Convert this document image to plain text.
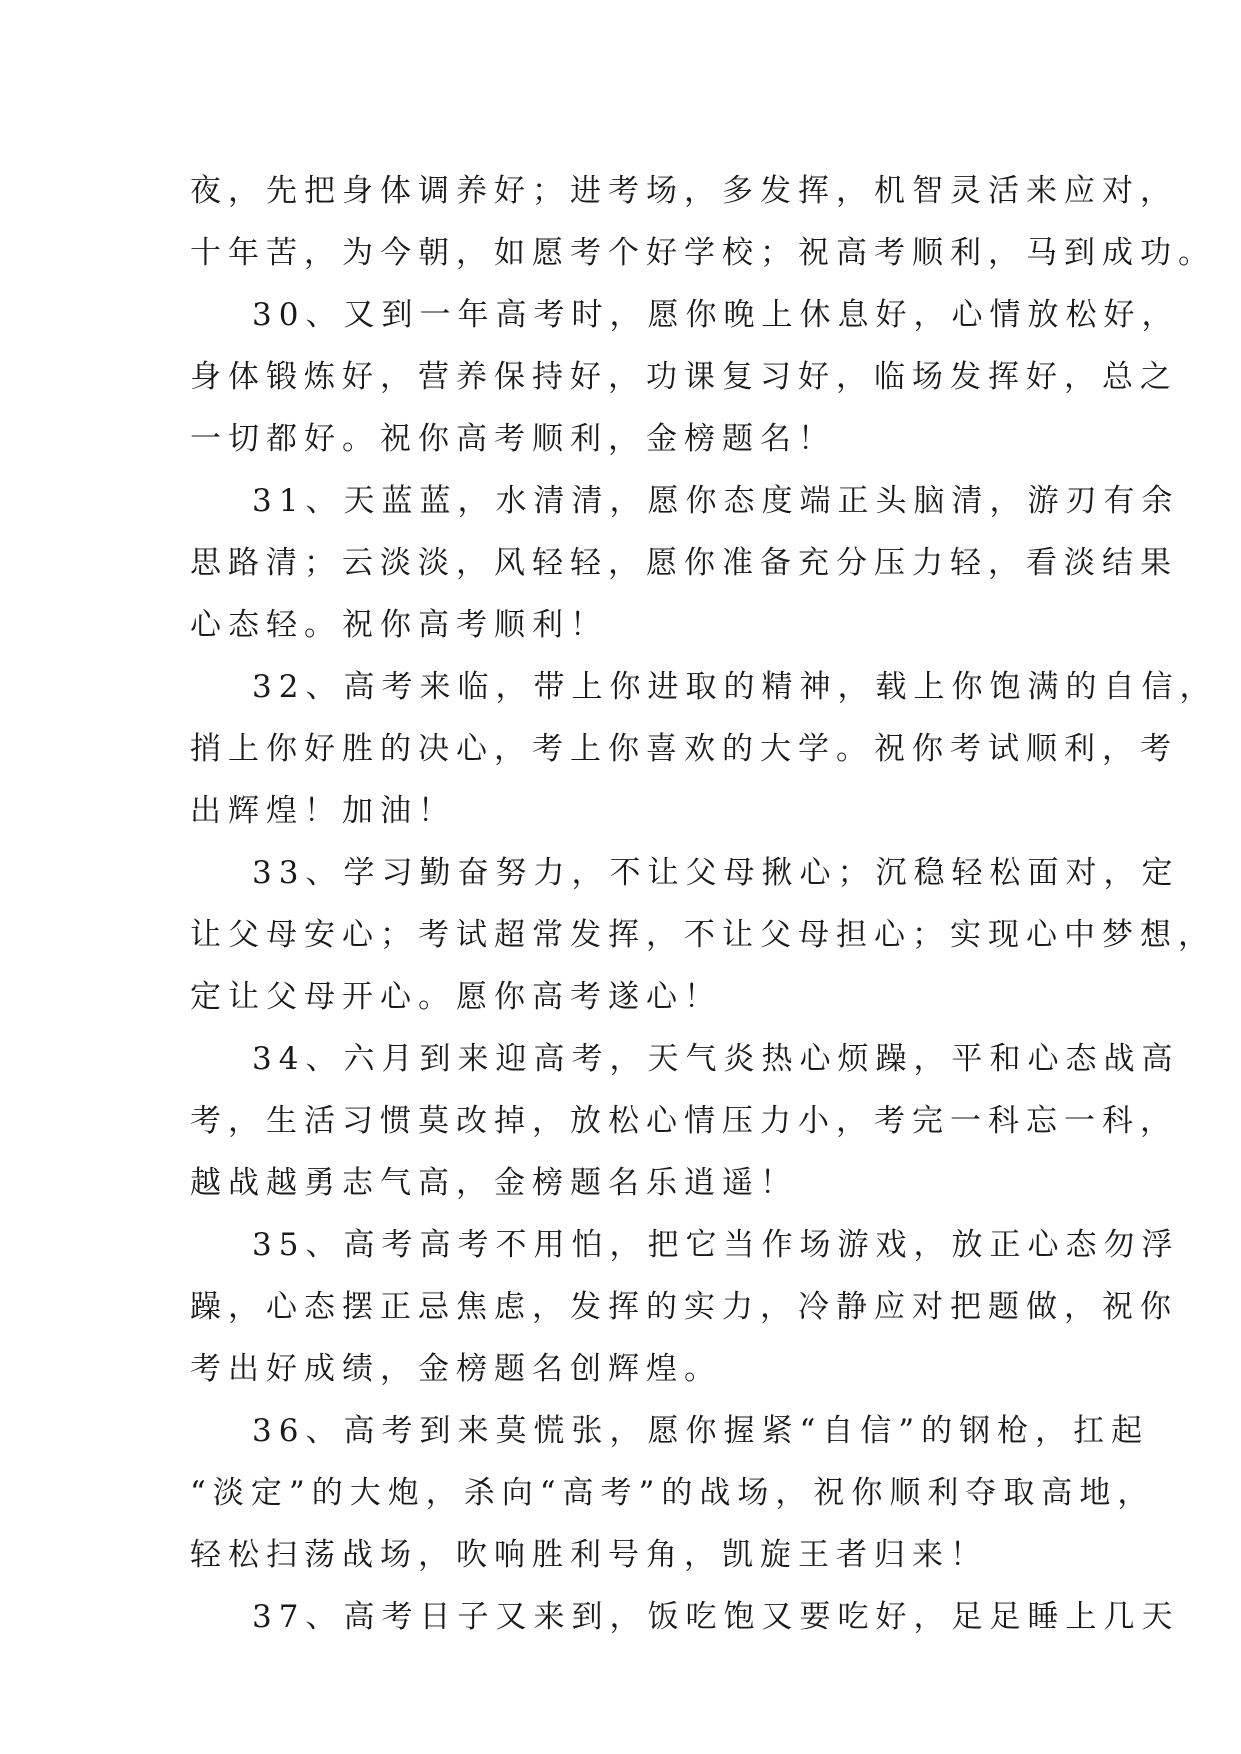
夜，先把身体调养好；进考场，多发挥，机智灵活来应对，
十年苦，为今朝，如愿考个好学校；祝高考顺利，马到成功。
30、又到一年高考时，愿你晚上休息好，心情放松好，
身体锻炼好，营养保持好，功课复习好，临场发挥好，总之
一切都好。祝你高考顺利，金榜题名！
31、天蓝蓝，水清清，愿你态度端正头脑清，游刃有余
思路清；云淡淡，风轻轻，愿你准备充分压力轻，看淡结果
心态轻。祝你高考顺利！
32、高考来临，带上你进取的精神，载上你饱满的自信，
捎上你好胜的决心，考上你喜欢的大学。祝你考试顺利，考
出辉煌！加油！
33、学习勤奋努力，不让父母揪心；沉稳轻松面对，定
让父母安心；考试超常发挥，不让父母担心；实现心中梦想，
定让父母开心。愿你高考遂心！
34、六月到来迎高考，天气炎热心烦躁，平和心态战高
考，生活习惯莫改掉，放松心情压力小，考完一科忘一科，
越战越勇志气高，金榜题名乐逍遥！
35、高考高考不用怕，把它当作场游戏，放正心态勿浮
躁，心态摆正忌焦虑，发挥的实力，冷静应对把题做，祝你
考出好成绩，金榜题名创辉煌。
36、高考到来莫慌张，愿你握紧“自信”的钢枪，扛起
“淡定”的大炮，杀向“高考”的战场，祝你顺利夺取高地，
轻松扫荡战场，吹响胜利号角，凯旋王者归来！
37、高考日子又来到，饭吃饱又要吃好，足足睡上几天
